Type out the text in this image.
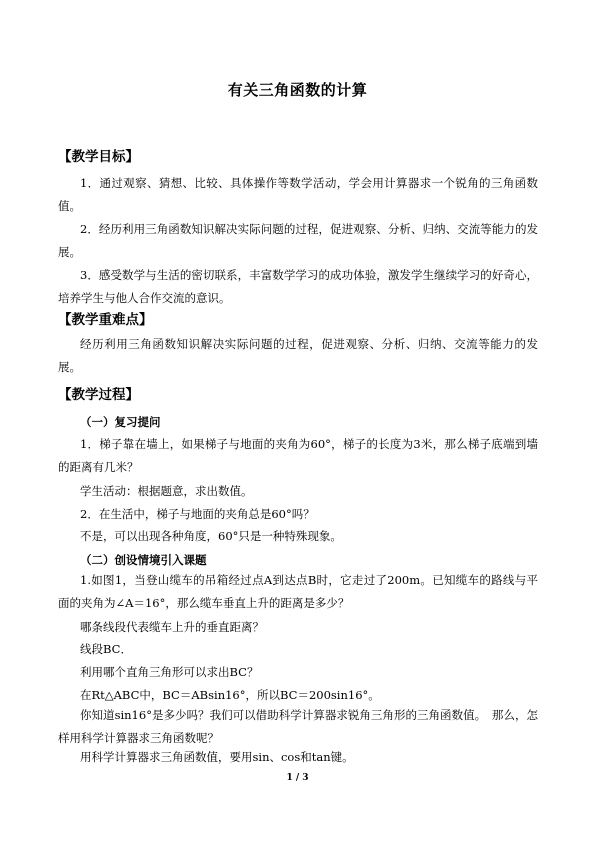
有关三角函数的计算
【教学目标】
1．通过观察、猜想、比较、具体操作等数学活动，学会用计算器求一个锐角的三角函数值。
2．经历利用三角函数知识解决实际问题的过程，促进观察、分析、归纳、交流等能力的发展。
3．感受数学与生活的密切联系，丰富数学学习的成功体验，激发学生继续学习的好奇心，培养学生与他人合作交流的意识。
【教学重难点】
经历利用三角函数知识解决实际问题的过程，促进观察、分析、归纳、交流等能力的发展。
【教学过程】
（一）复习提问
1．梯子靠在墙上，如果梯子与地面的夹角为60°，梯子的长度为3米，那么梯子底端到墙的距离有几米？
学生活动：根据题意，求出数值。
2．在生活中，梯子与地面的夹角总是60°吗？
不是，可以出现各种角度，60°只是一种特殊现象。
（二）创设情境引入课题
1.如图1，当登山缆车的吊箱经过点A到达点B时，它走过了200m。已知缆车的路线与平面的夹角为∠A＝16°，那么缆车垂直上升的距离是多少？
哪条线段代表缆车上升的垂直距离？
线段BC．
利用哪个直角三角形可以求出BC？
在Rt△ABC中，BC＝ABsin16°，所以BC＝200sin16°。
你知道sin16°是多少吗？我们可以借助科学计算器求锐角三角形的三角函数值。　那么，怎样用科学计算器求三角函数呢？
用科学计算器求三角函数值，要用sin、cos和tan键。
1 / 3
